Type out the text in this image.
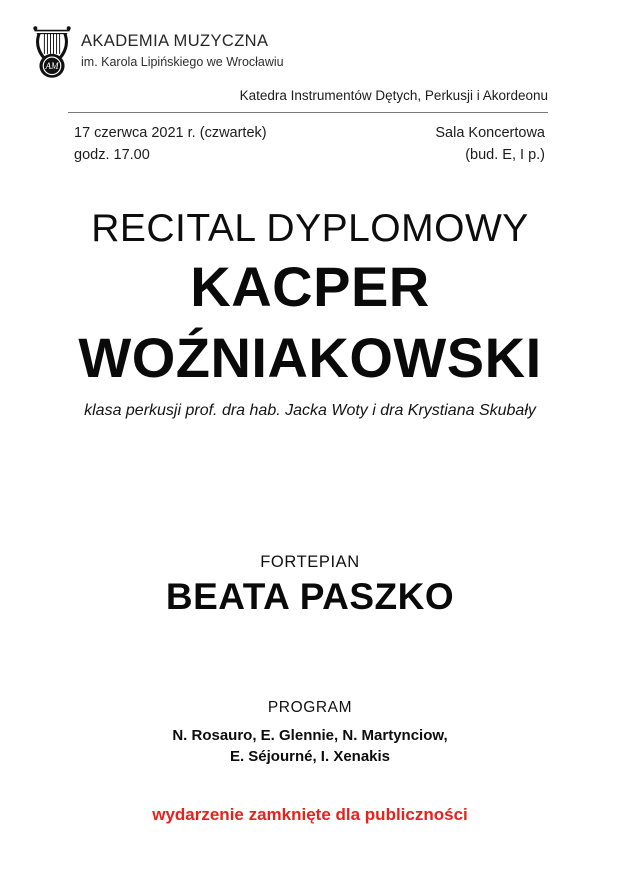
AM
AKADEMIA MUZYCZNA
im. Karola Lipińskiego we Wrocławiu
Katedra Instrumentów Dętych, Perkusji i Akordeonu
17 czerwca 2021 r. (czwartek)
godz. 17.00
Sala Koncertowa
(bud. E, I p.)
RECITAL DYPLOMOWY
KACPER
WOŹNIAKOWSKI
klasa perkusji prof. dra hab. Jacka Woty i dra Krystiana Skubały
FORTEPIAN
BEATA PASZKO
PROGRAM
N. Rosauro, E. Glennie, N. Martynciow,
E. Séjourné, I. Xenakis
wydarzenie zamknięte dla publiczności
